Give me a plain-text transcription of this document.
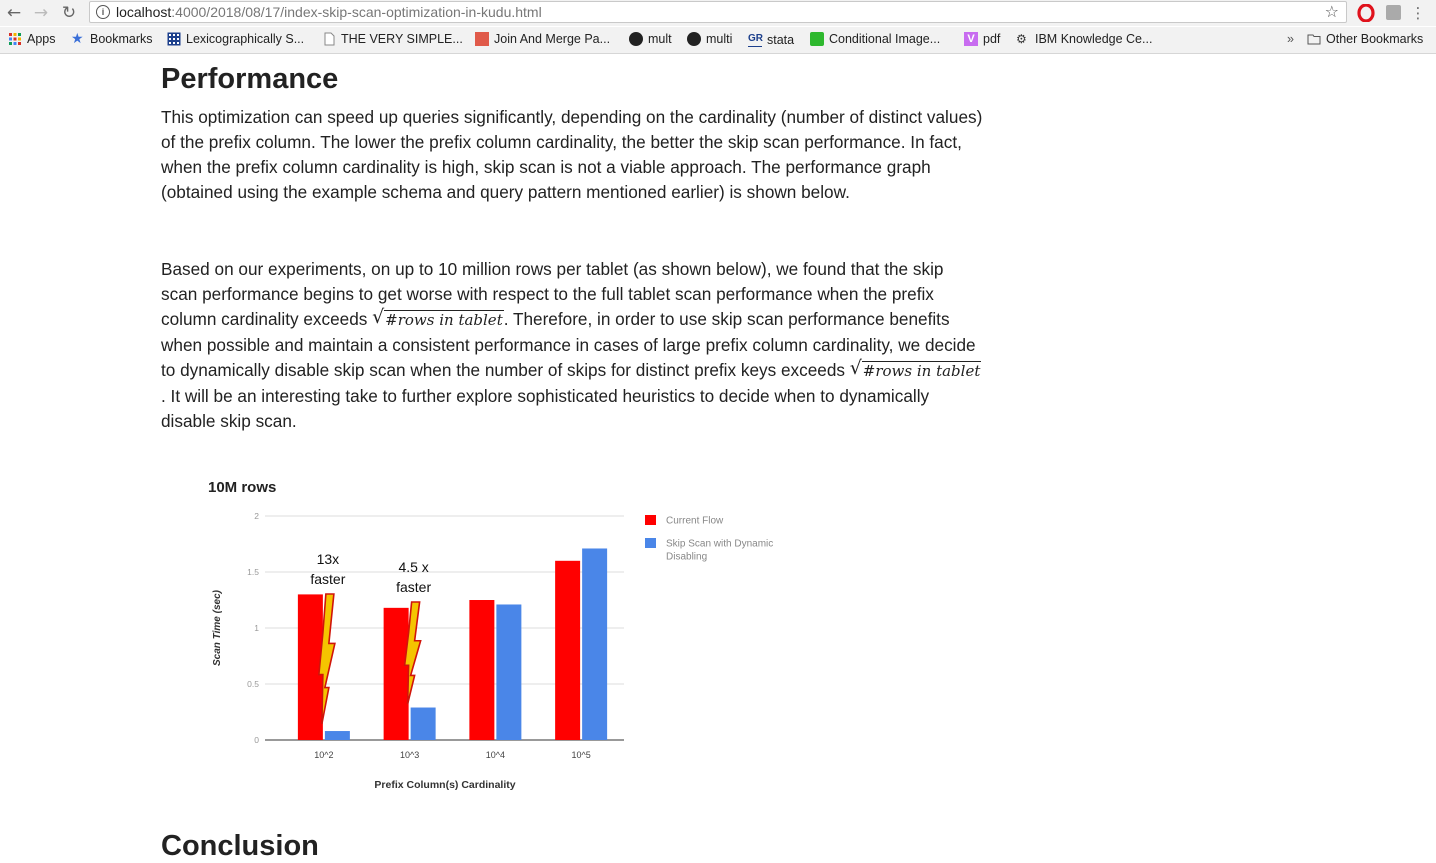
← → ↻	i localhost:4000/2018/08/17/index-skip-scan-optimization-in-kudu.html	☆	⋮
Apps ★ Bookmarks	Lexicographically S...	THE VERY SIMPLE... Join And Merge Pa...	mult	multi GR stata	Conditional Image...	V pdf ⚙ IBM Knowledge Ce...	»	Other Bookmarks
Performance

This optimization can speed up queries significantly, depending on the cardinality (number of distinct values) of the prefix column. The lower the prefix column cardinality, the better the skip scan performance. In fact, when the prefix column cardinality is high, skip scan is not a viable approach. The performance graph (obtained using the example schema and query pattern mentioned earlier) is shown below.

Based on our experiments, on up to 10 million rows per tablet (as shown below), we found that the skip scan performance begins to get worse with respect to the full tablet scan performance when the prefix column cardinality exceeds √ #rows in tablet. Therefore, in order to use skip scan performance benefits when possible and maintain a consistent performance in cases of large prefix column cardinality, we decide to dynamically disable skip scan when the number of skips for distinct prefix keys exceeds √ #rows in tablet. It will be an interesting take to further explore sophisticated heuristics to decide when to dynamically disable skip scan.

10M rows
0
0.5
1
1.5
2
10^2	10^3	10^4	10^5
13x
faster
4.5 x
faster
Scan Time (sec)
Prefix Column(s) Cardinality
Current Flow
Skip Scan with Dynamic
Disabling
Conclusion
